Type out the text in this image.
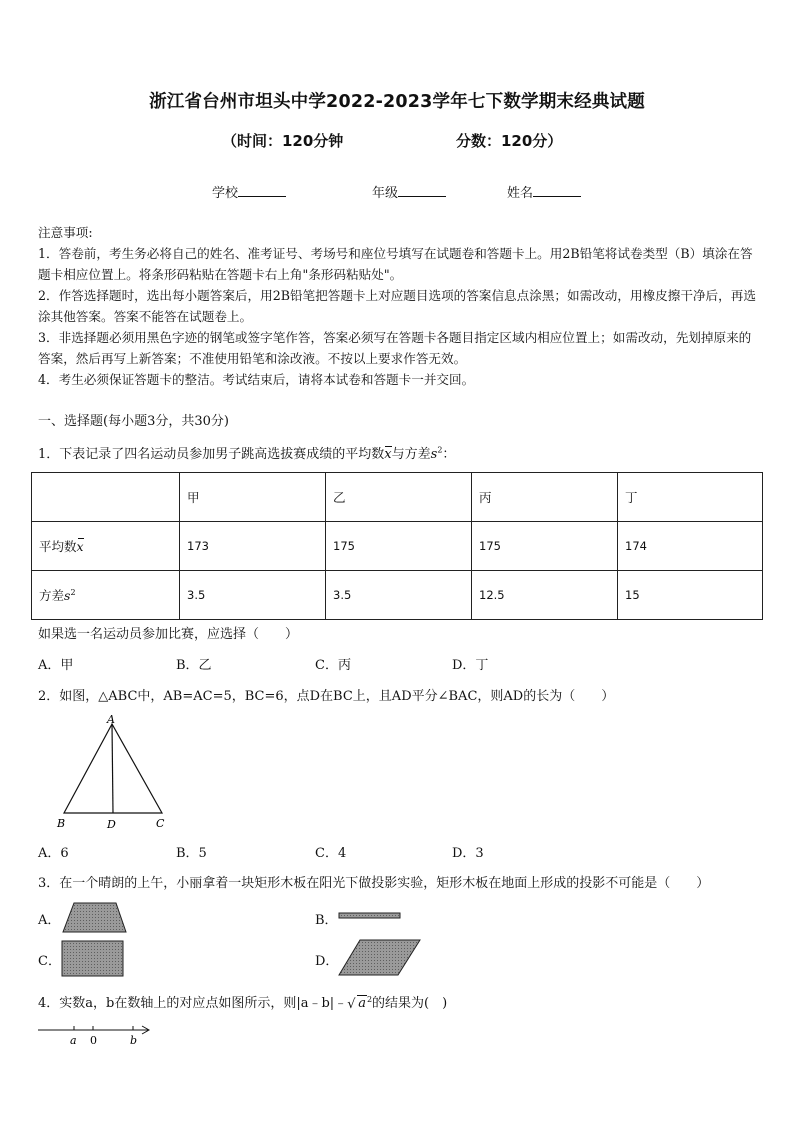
浙江省台州市坦头中学2022-2023学年七下数学期末经典试题
（时间：120分钟	分数：120分）
学校	年级	姓名

注意事项:

1．答卷前，考生务必将自己的姓名、准考证号、考场号和座位号填写在试题卷和答题卡上。用2B铅笔将试卷类型（B）填涂在答题卡相应位置上。将条形码粘贴在答题卡右上角"条形码粘贴处"。

2．作答选择题时，选出每小题答案后，用2B铅笔把答题卡上对应题目选项的答案信息点涂黑；如需改动，用橡皮擦干净后，再选涂其他答案。答案不能答在试题卷上。

3．非选择题必须用黑色字迹的钢笔或签字笔作答，答案必须写在答题卡各题目指定区域内相应位置上；如需改动，先划掉原来的答案，然后再写上新答案；不准使用铅笔和涂改液。不按以上要求作答无效。

4．考生必须保证答题卡的整洁。考试结束后，请将本试卷和答题卡一并交回。

一、选择题(每小题3分，共30分)
1．下表记录了四名运动员参加男子跳高选拔赛成绩的平均数x与方差$s^2$：
	甲	乙	丙	丁
平均数x	173	175	175	174
方差$s^2$	3.5	3.5	12.5	15
如果选一名运动员参加比赛，应选择（　　）
A．甲	B．乙	C．丙	D．丁
2．如图，△ABC中，AB=AC=5，BC=6，点D在BC上，且AD平分∠BAC，则AD的长为（　　）
A
B	D	C
A．6	B．5	C．4	D．3
3．在一个晴朗的上午，小丽拿着一块矩形木板在阳光下做投影实验，矩形木板在地面上形成的投影不可能是（　　）
A．	B．
C．	D．
4．实数a，b在数轴上的对应点如图所示，则|a﹣b|﹣ √ $a^2$的结果为(　)
a 0	b
